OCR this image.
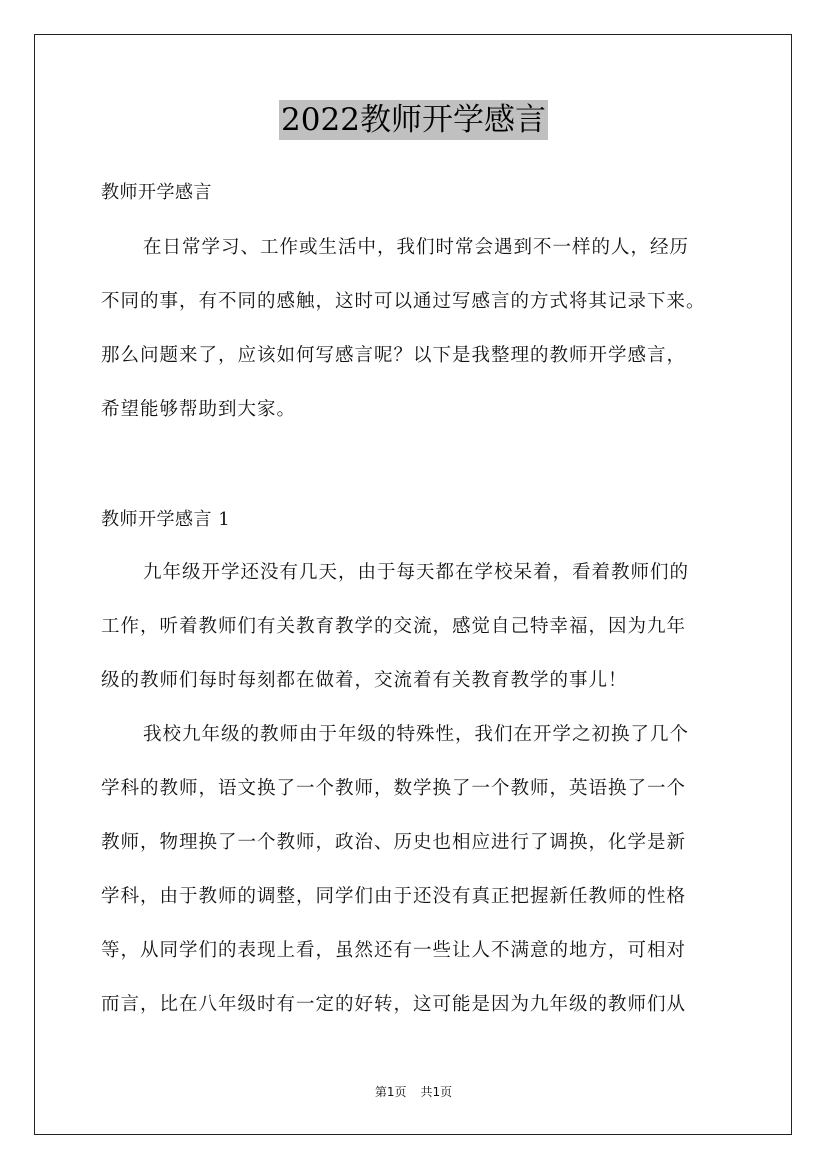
2022教师开学感言
教师开学感言
在日常学习、工作或生活中，我们时常会遇到不一样的人，经历
不同的事，有不同的感触，这时可以通过写感言的方式将其记录下来。
那么问题来了，应该如何写感言呢？以下是我整理的教师开学感言，
希望能够帮助到大家。
教师开学感言 1
九年级开学还没有几天，由于每天都在学校呆着，看着教师们的
工作，听着教师们有关教育教学的交流，感觉自己特幸福，因为九年
级的教师们每时每刻都在做着，交流着有关教育教学的事儿！
我校九年级的教师由于年级的特殊性，我们在开学之初换了几个
学科的教师，语文换了一个教师，数学换了一个教师，英语换了一个
教师，物理换了一个教师，政治、历史也相应进行了调换，化学是新
学科，由于教师的调整，同学们由于还没有真正把握新任教师的性格
等，从同学们的表现上看，虽然还有一些让人不满意的地方，可相对
而言，比在八年级时有一定的好转，这可能是因为九年级的教师们从
第1页 共1页
